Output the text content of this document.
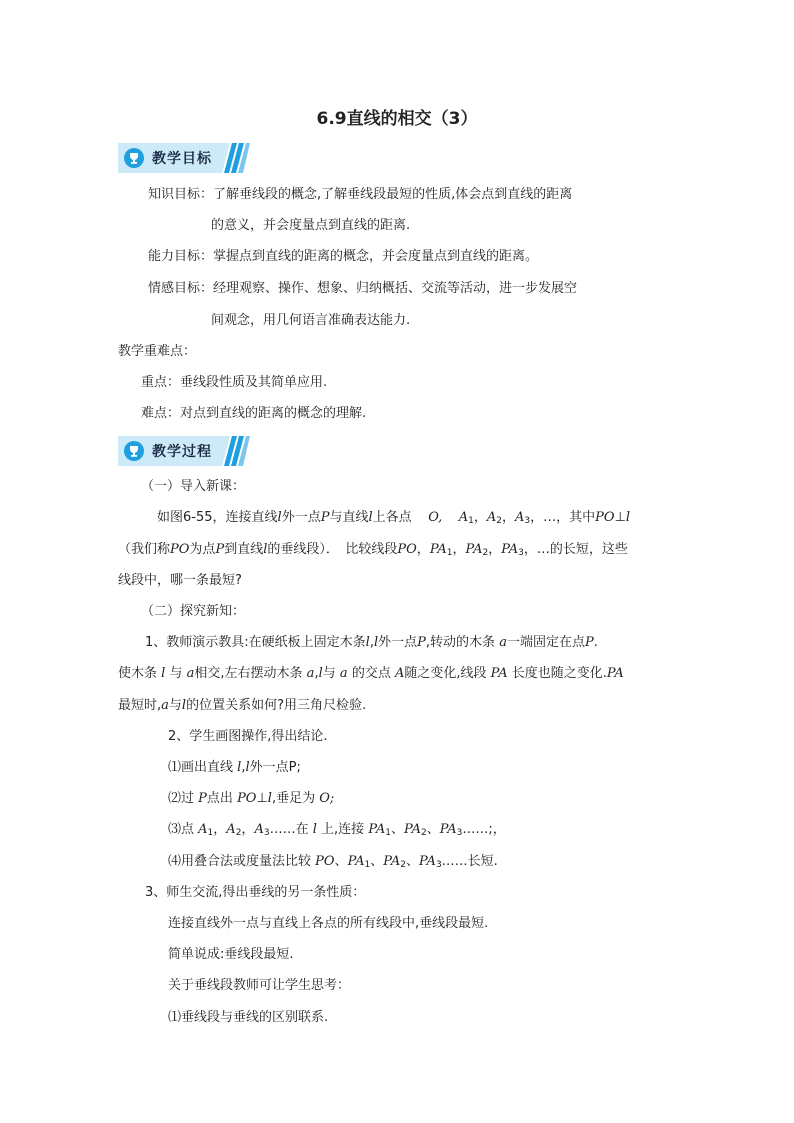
6.9直线的相交（3）
教学目标
知识目标：了解垂线段的概念,了解垂线段最短的性质,体会点到直线的距离
的意义，并会度量点到直线的距离.
能力目标：掌握点到直线的距离的概念，并会度量点到直线的距离。
情感目标：经理观察、操作、想象、归纳概括、交流等活动，进一步发展空
间观念，用几何语言准确表达能力.
教学重难点：
重点：垂线段性质及其简单应用.
难点：对点到直线的距离的概念的理解.
教学过程
（一）导入新课：
如图6-55，连接直线l外一点P与直线l上各点 O, $A_1$，$A_2$，$A_3$，…，其中PO⊥l
（我们称PO为点P到直线l的垂线段）．　比较线段PO，$PA_1$，$PA_2$，$PA_3$，…的长短，这些
线段中，哪一条最短?
（二）探究新知：
1、教师演示教具:在硬纸板上固定木条l,l外一点P,转动的木条 a一端固定在点P.
使木条 l 与 a相交,左右摆动木条 a,l与 a 的交点 A随之变化,线段 PA 长度也随之变化.PA
最短时,a与l的位置关系如何?用三角尺检验.
2、学生画图操作,得出结论.
⑴画出直线 l,l外一点P;
⑵过 P点出 PO⊥l,垂足为 O;
⑶点 $A_1$，$A_2$，$A_3\dots\dots$在 l 上,连接 $PA_1$、$PA_2$、$PA_3\dots\dots$;，
⑷用叠合法或度量法比较 PO、$PA_1$、$PA_2$、$PA_3\dots\dots$长短.
3、师生交流,得出垂线的另一条性质：
连接直线外一点与直线上各点的所有线段中,垂线段最短.
简单说成:垂线段最短.
关于垂线段教师可让学生思考：
⑴垂线段与垂线的区别联系.
